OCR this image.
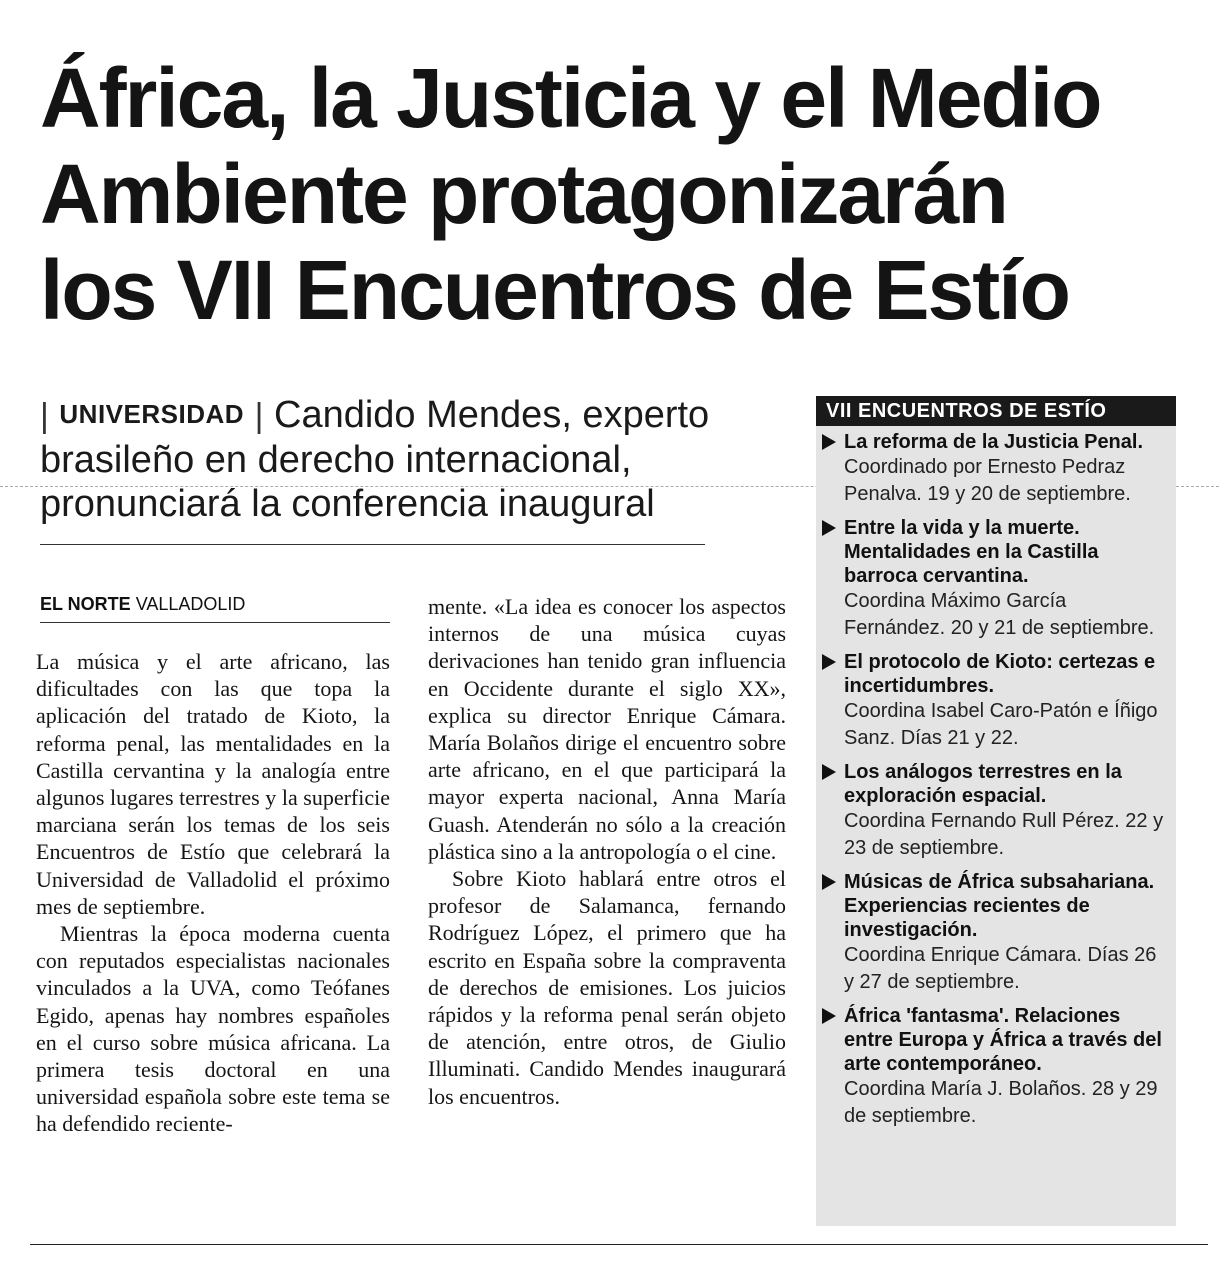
África, la Justicia y el Medio
Ambiente protagonizarán
los VII Encuentros de Estío
| UNIVERSIDAD | Candido Mendes, experto brasileño en derecho internacional, pronunciará la conferencia inaugural
EL NORTE VALLADOLID

La música y el arte africano, las dificultades con las que topa la aplicación del tratado de Kioto, la reforma penal, las mentalidades en la Castilla cervantina y la analogía entre algunos lugares terrestres y la superficie marciana serán los temas de los seis Encuentros de Estío que celebrará la Universidad de Valladolid el próximo mes de septiembre.

Mientras la época moderna cuenta con reputados especialistas nacionales vinculados a la UVA, como Teófanes Egido, apenas hay nombres españoles en el curso sobre música africana. La primera tesis doctoral en una universidad española sobre este tema se ha defendido reciente-

mente. «La idea es conocer los aspectos internos de una música cuyas derivaciones han tenido gran influencia en Occidente durante el siglo XX», explica su director Enrique Cámara. María Bolaños dirige el encuentro sobre arte africano, en el que participará la mayor experta nacional, Anna María Guash. Atenderán no sólo a la creación plástica sino a la antropología o el cine.

Sobre Kioto hablará entre otros el profesor de Salamanca, fernando Rodríguez López, el primero que ha escrito en España sobre la compraventa de derechos de emisiones. Los juicios rápidos y la reforma penal serán objeto de atención, entre otros, de Giulio Illuminati. Candido Mendes inaugurará los encuentros.

VII ENCUENTROS DE ESTÍO
La reforma de la Justicia Penal.
Coordinado por Ernesto Pedraz Penalva. 19 y 20 de septiembre.
Entre la vida y la muerte. Mentalidades en la Castilla barroca cervantina.
Coordina Máximo García Fernández. 20 y 21 de septiembre.
El protocolo de Kioto: certezas e incertidumbres.
Coordina Isabel Caro-Patón e Íñigo Sanz. Días 21 y 22.
Los análogos terrestres en la exploración espacial.
Coordina Fernando Rull Pérez. 22 y 23 de septiembre.
Músicas de África subsahariana. Experiencias recientes de investigación.
Coordina Enrique Cámara. Días 26 y 27 de septiembre.
África 'fantasma'. Relaciones entre Europa y África a través del arte contemporáneo.
Coordina María J. Bolaños. 28 y 29 de septiembre.
